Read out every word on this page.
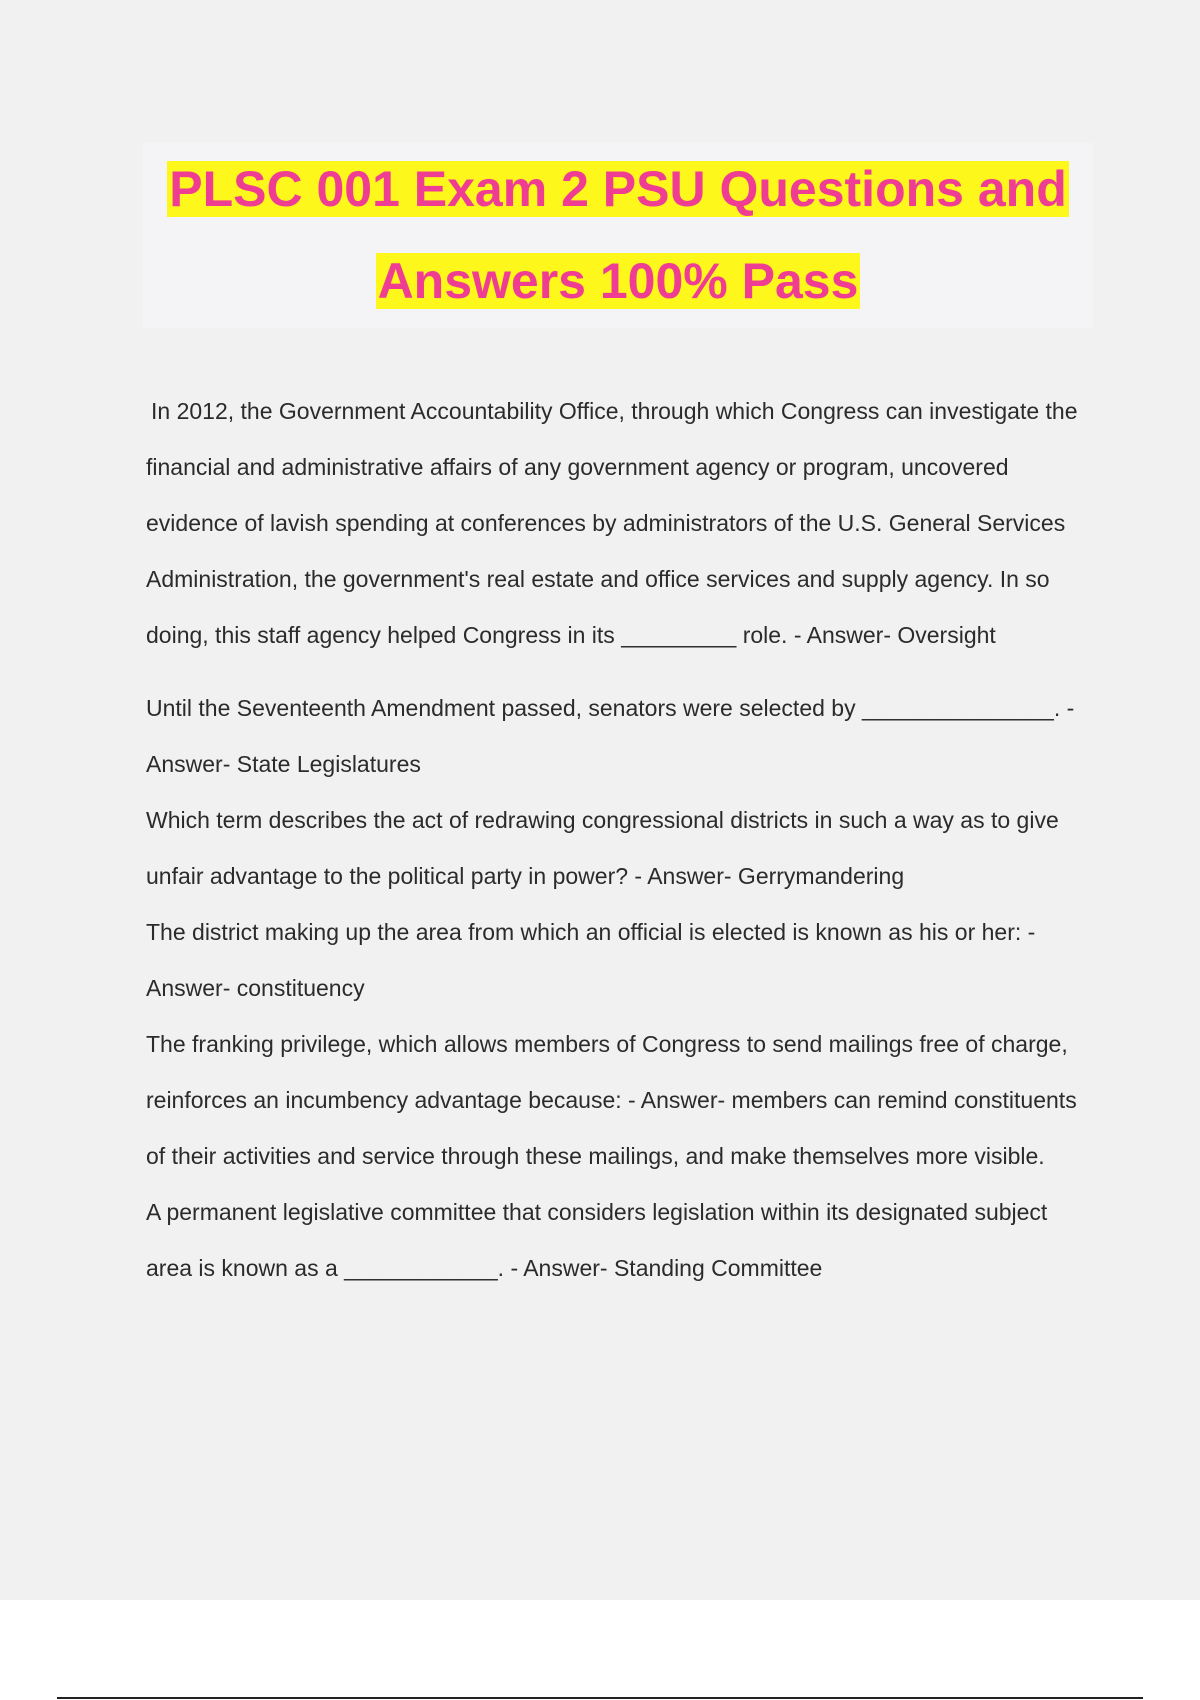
PLSC 001 Exam 2 PSU Questions and
Answers 100% Pass

In 2012, the Government Accountability Office, through which Congress can investigate the financial and administrative affairs of any government agency or program, uncovered evidence of lavish spending at conferences by administrators of the U.S. General Services Administration, the government's real estate and office services and supply agency. In so doing, this staff agency helped Congress in its _________ role. - Answer- Oversight

Until the Seventeenth Amendment passed, senators were selected by _______________. - Answer- State Legislatures

Which term describes the act of redrawing congressional districts in such a way as to give unfair advantage to the political party in power? - Answer- Gerrymandering

The district making up the area from which an official is elected is known as his or her: - Answer- constituency

The franking privilege, which allows members of Congress to send mailings free of charge, reinforces an incumbency advantage because: - Answer- members can remind constituents of their activities and service through these mailings, and make themselves more visible.

A permanent legislative committee that considers legislation within its designated subject area is known as a ____________. - Answer- Standing Committee
